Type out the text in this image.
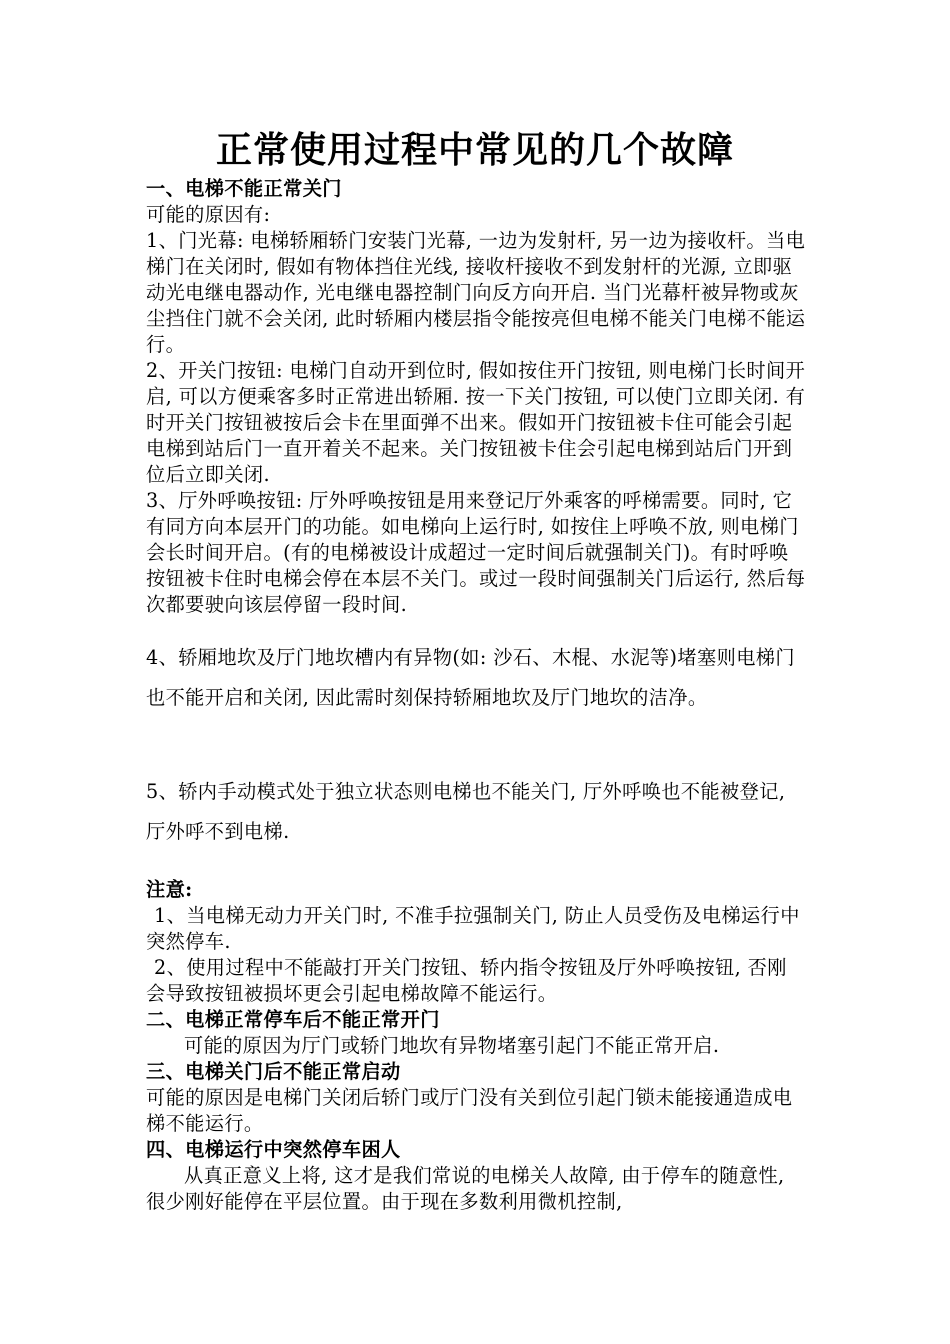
正常使用过程中常见的几个故障

一、电梯不能正常关门

可能的原因有:

1、门光幕: 电梯轿厢轿门安装门光幕, 一边为发射杆, 另一边为接收杆。当电梯门在关闭时, 假如有物体挡住光线, 接收杆接收不到发射杆的光源, 立即驱动光电继电器动作, 光电继电器控制门向反方向开启. 当门光幕杆被异物或灰尘挡住门就不会关闭, 此时轿厢内楼层指令能按亮但电梯不能关门电梯不能运行。

2、开关门按钮: 电梯门自动开到位时, 假如按住开门按钮, 则电梯门长时间开启, 可以方便乘客多时正常进出轿厢. 按一下关门按钮, 可以使门立即关闭. 有时开关门按钮被按后会卡在里面弹不出来。假如开门按钮被卡住可能会引起电梯到站后门一直开着关不起来。关门按钮被卡住会引起电梯到站后门开到位后立即关闭.

3、厅外呼唤按钮: 厅外呼唤按钮是用来登记厅外乘客的呼梯需要。同时, 它有同方向本层开门的功能。如电梯向上运行时, 如按住上呼唤不放, 则电梯门会长时间开启。(有的电梯被设计成超过一定时间后就强制关门)。有时呼唤按钮被卡住时电梯会停在本层不关门。或过一段时间强制关门后运行, 然后每次都要驶向该层停留一段时间.

4、轿厢地坎及厅门地坎槽内有异物(如: 沙石、木棍、水泥等)堵塞则电梯门也不能开启和关闭, 因此需时刻保持轿厢地坎及厅门地坎的洁净。

5、轿内手动模式处于独立状态则电梯也不能关门, 厅外呼唤也不能被登记, 厅外呼不到电梯.

注意:

1、当电梯无动力开关门时, 不准手拉强制关门, 防止人员受伤及电梯运行中突然停车.

2、使用过程中不能敲打开关门按钮、轿内指令按钮及厅外呼唤按钮, 否刚会导致按钮被损坏更会引起电梯故障不能运行。

二、电梯正常停车后不能正常开门

可能的原因为厅门或轿门地坎有异物堵塞引起门不能正常开启.

三、电梯关门后不能正常启动

可能的原因是电梯门关闭后轿门或厅门没有关到位引起门锁未能接通造成电梯不能运行。

四、电梯运行中突然停车困人

从真正意义上将, 这才是我们常说的电梯关人故障, 由于停车的随意性, 很少刚好能停在平层位置。由于现在多数利用微机控制,
